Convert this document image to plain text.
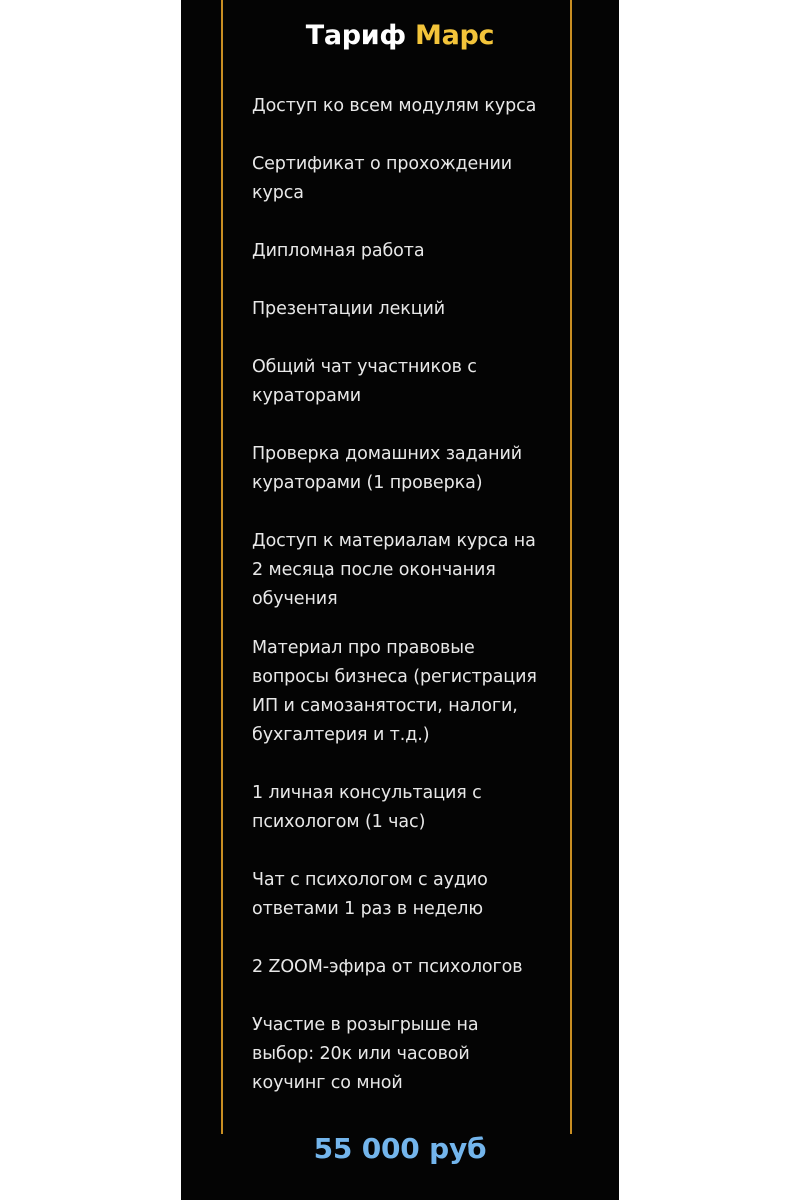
Тариф Марс
Доступ ко всем модулям курса
Сертификат о прохождении
курса
Дипломная работа
Презентации лекций
Общий чат участников с
кураторами
Проверка домашних заданий
кураторами (1 проверка)
Доступ к материалам курса на
2 месяца после окончания
обучения
Материал про правовые
вопросы бизнеса (регистрация
ИП и самозанятости, налоги,
бухгалтерия и т.д.)
1 личная консультация с
психологом (1 час)
Чат с психологом с аудио
ответами 1 раз в неделю
2 ZOOM-эфира от психологов
Участие в розыгрыше на
выбор: 20к или часовой
коучинг со мной
55 000 руб
